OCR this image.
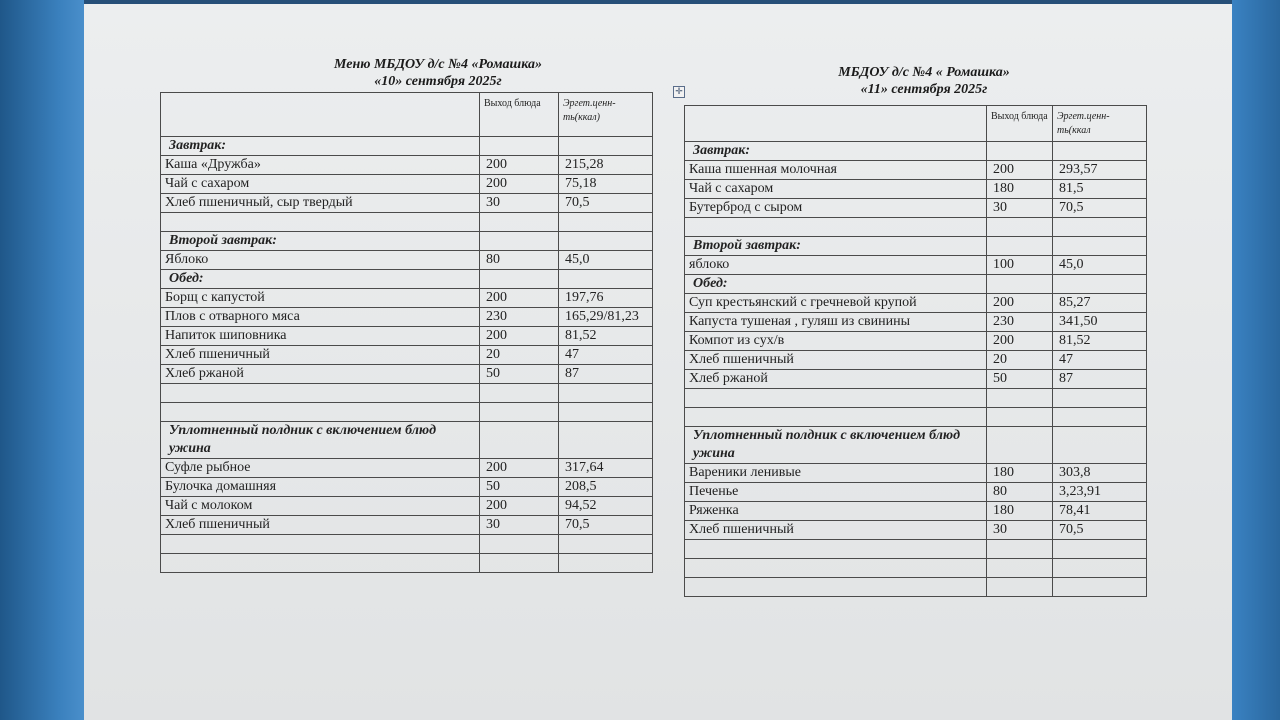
Меню МБДОУ д/с №4 «Ромашка»
«10» сентября 2025г
	Выход блюда	Эргет.ценн-ть(ккал)
Завтрак:		
Каша «Дружба»	200	215,28
Чай с сахаром	200	75,18
Хлеб пшеничный, сыр твердый	30	70,5

Второй завтрак:		
Яблоко	80	45,0
Обед:		
Борщ с капустой	200	197,76
Плов с отварного мяса	230	165,29/81,23
Напиток шиповника	200	81,52
Хлеб пшеничный	20	47
Хлеб ржаной	50	87

Уплотненный полдник с включением блюд ужина		
Суфле рыбное	200	317,64
Булочка домашняя	50	208,5
Чай с молоком	200	94,52
Хлеб пшеничный	30	70,5

✛
МБДОУ д/с №4 « Ромашка»
«11» сентября 2025г
	Выход блюда	Эргет.ценн-ть(ккал
Завтрак:		
Каша пшенная молочная	200	293,57
Чай с сахаром	180	81,5
Бутерброд с сыром	30	70,5

Второй завтрак:		
яблоко	100	45,0
Обед:		
Суп крестьянский с гречневой крупой	200	85,27
Капуста тушеная , гуляш из свинины	230	341,50
Компот из сух/в	200	81,52
Хлеб пшеничный	20	47
Хлеб ржаной	50	87

Уплотненный полдник с включением блюд ужина		
Вареники ленивые	180	303,8
Печенье	80	3,23,91
Ряженка	180	78,41
Хлеб пшеничный	30	70,5
